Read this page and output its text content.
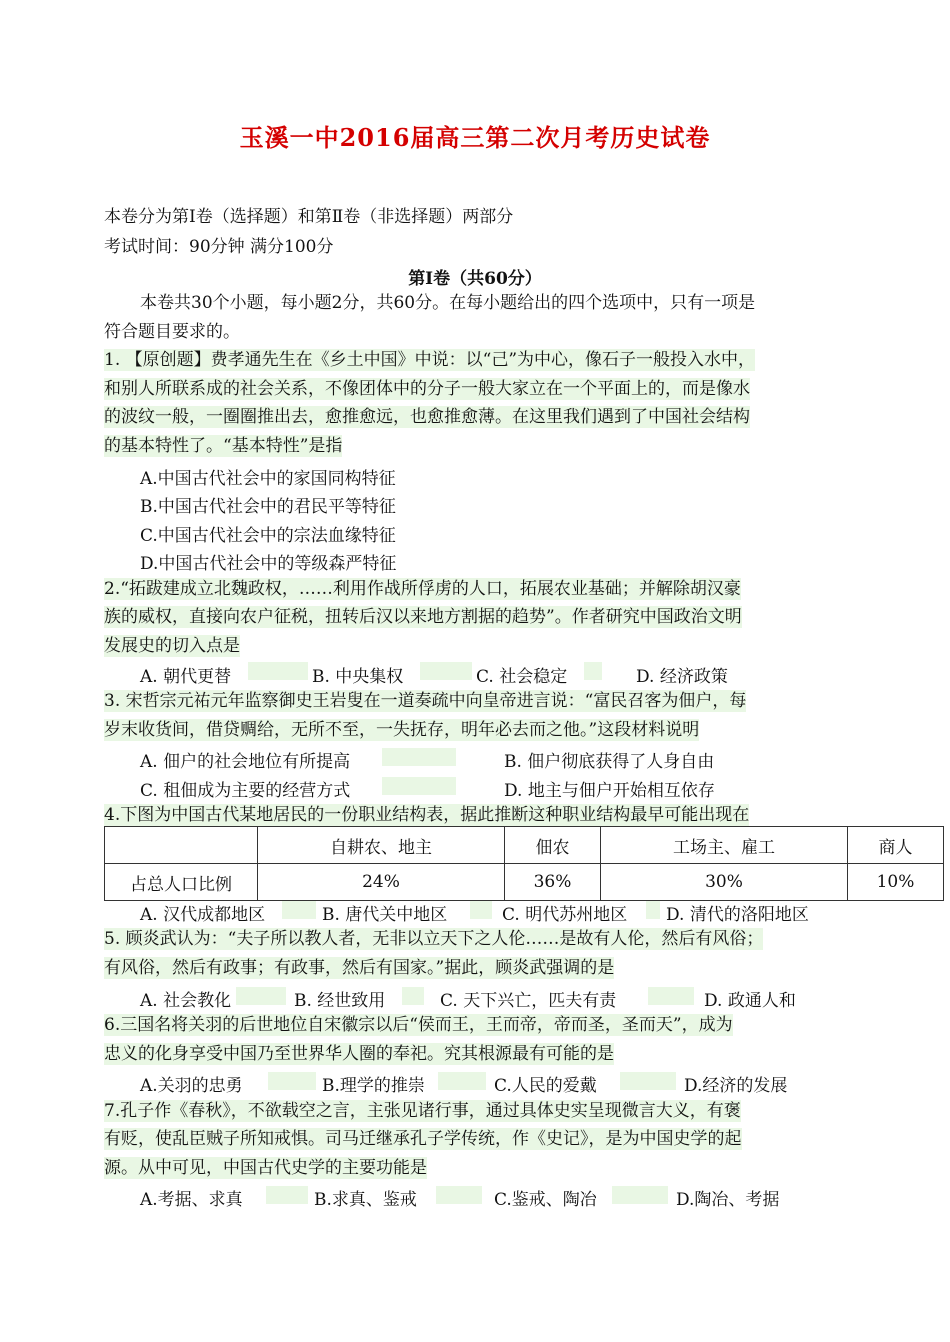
玉溪一中2016届高三第二次月考历史试卷
本卷分为第Ⅰ卷（选择题）和第Ⅱ卷（非选择题）两部分
考试时间：90分钟 满分100分
第Ⅰ卷（共60分）
本卷共30个小题，每小题2分，共60分。在每小题给出的四个选项中，只有一项是
符合题目要求的。
1. 【原创题】费孝通先生在《乡土中国》中说：以“己”为中心，像石子一般投入水中，
和别人所联系成的社会关系，不像团体中的分子一般大家立在一个平面上的，而是像水
的波纹一般，一圈圈推出去，愈推愈远，也愈推愈薄。在这里我们遇到了中国社会结构
的基本特性了。“基本特性”是指
A.中国古代社会中的家国同构特征
B.中国古代社会中的君民平等特征
C.中国古代社会中的宗法血缘特征
D.中国古代社会中的等级森严特征
2.“拓跋建成立北魏政权，……利用作战所俘虏的人口，拓展农业基础；并解除胡汉豪
族的威权，直接向农户征税，扭转后汉以来地方割据的趋势”。作者研究中国政治文明
发展史的切入点是
A. 朝代更替	B. 中央集权	C. 社会稳定	D. 经济政策
3. 宋哲宗元祐元年监察御史王岩叟在一道奏疏中向皇帝进言说：“富民召客为佃户，每
岁末收货间，借贷赒给，无所不至，一失抚存，明年必去而之他。”这段材料说明
A. 佃户的社会地位有所提高	B. 佃户彻底获得了人身自由
C. 租佃成为主要的经营方式	D. 地主与佃户开始相互依存
4.下图为中国古代某地居民的一份职业结构表，据此推断这种职业结构最早可能出现在
	自耕农、地主	佃农	工场主、雇工	商人
占总人口比例	24%	36%	30%	10%
A. 汉代成都地区	B. 唐代关中地区	C. 明代苏州地区 D. 清代的洛阳地区
5. 顾炎武认为：“夫子所以教人者，无非以立天下之人伦……是故有人伦，然后有风俗；
有风俗，然后有政事；有政事，然后有国家。”据此，顾炎武强调的是
A. 社会教化	B. 经世致用	C. 天下兴亡，匹夫有责	D. 政通人和
6.三国名将关羽的后世地位自宋徽宗以后“侯而王，王而帝，帝而圣，圣而天”，成为
忠义的化身享受中国乃至世界华人圈的奉祀。究其根源最有可能的是
A.关羽的忠勇	B.理学的推崇	C.人民的爱戴	D.经济的发展
7.孔子作《春秋》，不欲载空之言，主张见诸行事，通过具体史实呈现微言大义，有褒
有贬，使乱臣贼子所知戒惧。司马迁继承孔子学传统，作《史记》，是为中国史学的起
源。从中可见，中国古代史学的主要功能是
A.考据、求真	B.求真、鉴戒	C.鉴戒、陶冶	D.陶冶、考据
